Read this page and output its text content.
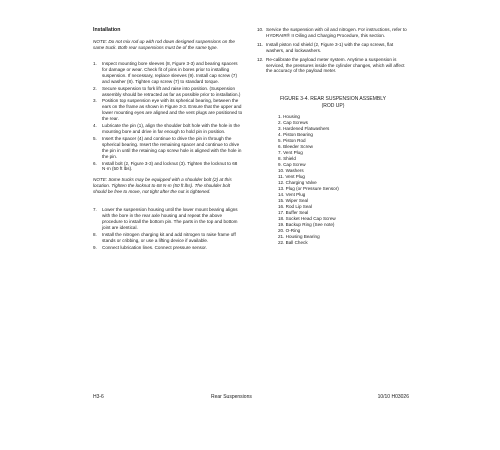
Installation

NOTE: Do not mix rod up with rod down designed suspensions on the same truck. Both rear suspensions must be of the same type.

1. Inspect mounting bore sleeves (8, Figure 3-3) and bearing spacers for damage or wear. Check fit of pins in bores prior to installing suspension. If necessary, replace sleeves (9). Install cap screw (7) and washer (8). Tighten cap screw (7) to standard torque.
2. Secure suspension to fork lift and raise into position. (Suspension assembly should be retracted as far as possible prior to installation.)
3. Position top suspension eye with its spherical bearing, between the ears on the frame as shown in Figure 3-3. Ensure that the upper and lower mounting eyes are aligned and the vent plugs are positioned to the rear.
4. Lubricate the pin (1), align the shoulder bolt hole with the hole in the mounting bore and drive in far enough to hold pin in position.
5. Insert the spacer (4) and continue to drive the pin in through the spherical bearing. Insert the remaining spacer and continue to drive the pin in until the retaining cap screw hole is aligned with the hole in the pin.
6. Install bolt (2, Figure 3-3) and locknut (3). Tighten the locknut to 68 N·m (50 ft lbs).

NOTE: Some trucks may be equipped with a shoulder bolt (2) at this location. Tighten the locknut to 68 N·m (50 ft lbs). The shoulder bolt should be free to move, not tight after the nut is tightened.

7. Lower the suspension housing until the lower mount bearing aligns with the bore in the rear axle housing and repeat the above procedure to install the bottom pin. The parts in the top and bottom joint are identical.
8. Install the nitrogen charging kit and add nitrogen to raise frame off stands or cribbing, or use a lifting device if available.
9. Connect lubrication lines. Connect pressure sensor.
10. Service the suspension with oil and nitrogen. For instructions, refer to HYDRAIR® II Oiling and Charging Procedure, this section.
11. Install piston rod shield (2, Figure 3-1) with the cap screws, flat washers, and lockwashers.
12. Re-calibrate the payload meter system. Anytime a suspension is serviced, the pressures inside the cylinder changes, which will affect the accuracy of the payload meter.
FIGURE 3-4. REAR SUSPENSION ASSEMBLY
(ROD UP)
1. Housing
2. Cap Screws
3. Hardened Flatwashers
4. Piston Bearing
5. Piston Rod
6. Bleeder Screw
7. Vent Plug
8. Shield
9. Cap Screw
10. Washers
11. Vent Plug
12. Charging Valve
13. Plug (or Pressure Sensor)
14. Vent Plug
15. Wiper Seal
16. Rod Lip Seal
17. Buffer Seal
18. Socket Head Cap Screw
19. Backup Ring (See note)
20. O-Ring
21. Housing Bearing
22. Ball Check
H3-6	Rear Suspensions	10/10 H03026
